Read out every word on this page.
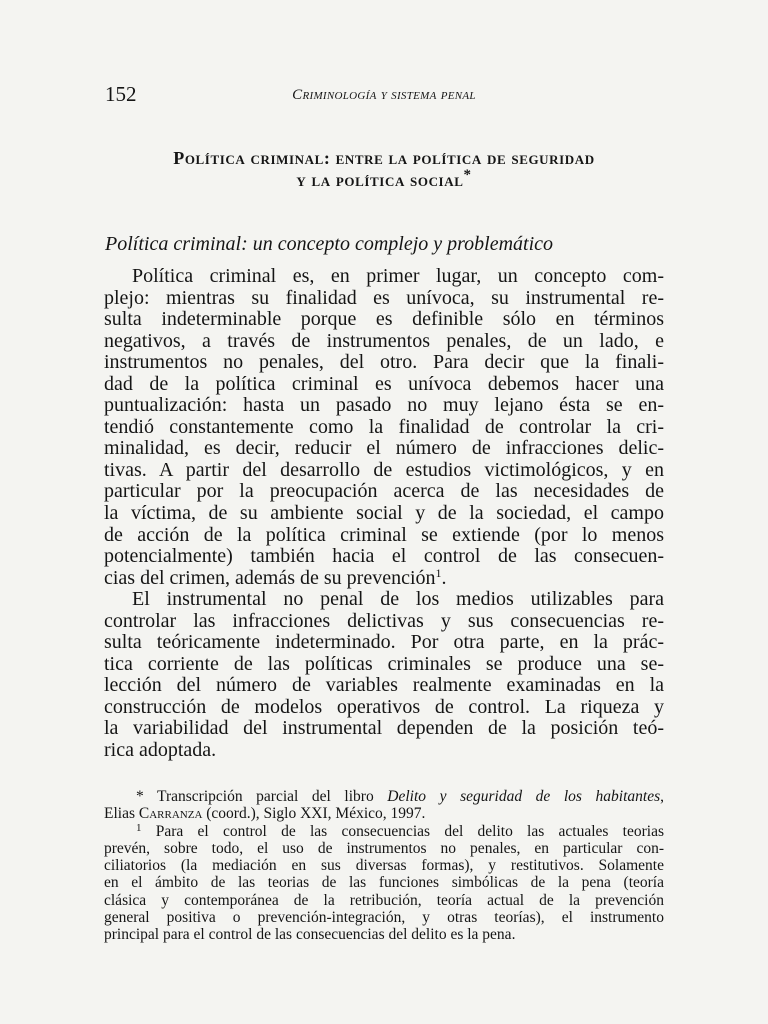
152	Criminología y sistema penal
Política criminal: entre la política de seguridad
y la política social*
Política criminal: un concepto complejo y problemático
Política criminal es, en primer lugar, un concepto com-
plejo: mientras su finalidad es unívoca, su instrumental re-
sulta indeterminable porque es definible sólo en términos
negativos, a través de instrumentos penales, de un lado, e
instrumentos no penales, del otro. Para decir que la finali-
dad de la política criminal es unívoca debemos hacer una
puntualización: hasta un pasado no muy lejano ésta se en-
tendió constantemente como la finalidad de controlar la cri-
minalidad, es decir, reducir el número de infracciones delic-
tivas. A partir del desarrollo de estudios victimológicos, y en
particular por la preocupación acerca de las necesidades de
la víctima, de su ambiente social y de la sociedad, el campo
de acción de la política criminal se extiende (por lo menos
potencialmente) también hacia el control de las consecuen-
cias del crimen, además de su prevención$^1$.
El instrumental no penal de los medios utilizables para
controlar las infracciones delictivas y sus consecuencias re-
sulta teóricamente indeterminado. Por otra parte, en la prác-
tica corriente de las políticas criminales se produce una se-
lección del número de variables realmente examinadas en la
construcción de modelos operativos de control. La riqueza y
la variabilidad del instrumental dependen de la posición teó-
rica adoptada.
* Transcripción parcial del libro Delito y seguridad de los habitantes,
Elias Carranza (coord.), Siglo XXI, México, 1997.
$^1$ Para el control de las consecuencias del delito las actuales teorias
prevén, sobre todo, el uso de instrumentos no penales, en particular con-
ciliatorios (la mediación en sus diversas formas), y restitutivos. Solamente
en el ámbito de las teorias de las funciones simbólicas de la pena (teoría
clásica y contemporánea de la retribución, teoría actual de la prevención
general positiva o prevención-integración, y otras teorías), el instrumento
principal para el control de las consecuencias del delito es la pena.
